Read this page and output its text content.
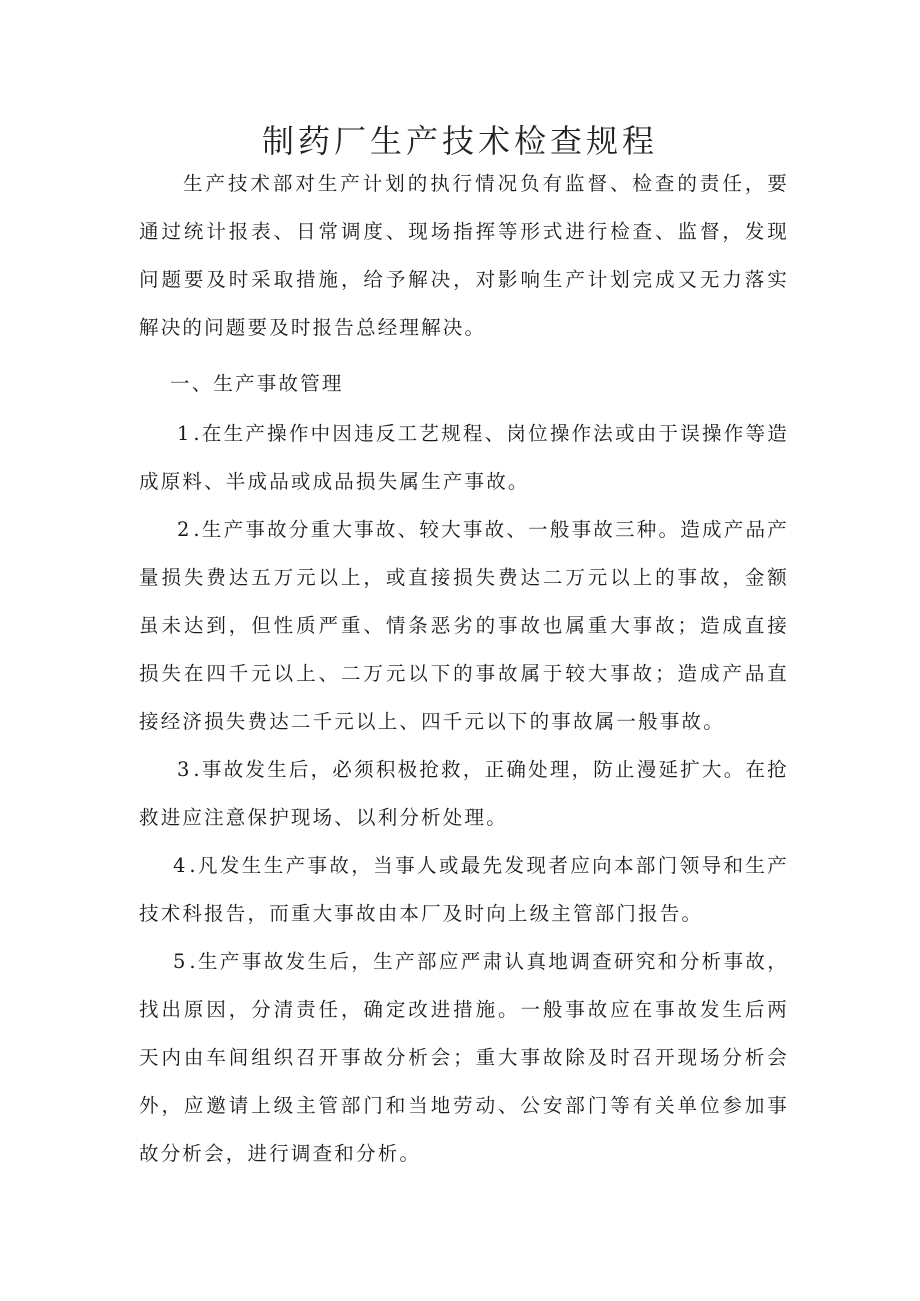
制药厂生产技术检查规程

生产技术部对生产计划的执行情况负有监督、检查的责任，要通过统计报表、日常调度、现场指挥等形式进行检查、监督，发现问题要及时采取措施，给予解决，对影响生产计划完成又无力落实解决的问题要及时报告总经理解决。

一、生产事故管理

1.在生产操作中因违反工艺规程、岗位操作法或由于误操作等造成原料、半成品或成品损失属生产事故。

2.生产事故分重大事故、较大事故、一般事故三种。造成产品产量损失费达五万元以上，或直接损失费达二万元以上的事故，金额虽未达到，但性质严重、情条恶劣的事故也属重大事故；造成直接损失在四千元以上、二万元以下的事故属于较大事故；造成产品直接经济损失费达二千元以上、四千元以下的事故属一般事故。

3.事故发生后，必须积极抢救，正确处理，防止漫延扩大。在抢救进应注意保护现场、以利分析处理。

4.凡发生生产事故，当事人或最先发现者应向本部门领导和生产技术科报告，而重大事故由本厂及时向上级主管部门报告。

5.生产事故发生后，生产部应严肃认真地调查研究和分析事故，找出原因，分清责任，确定改进措施。一般事故应在事故发生后两天内由车间组织召开事故分析会；重大事故除及时召开现场分析会外，应邀请上级主管部门和当地劳动、公安部门等有关单位参加事故分析会，进行调查和分析。
